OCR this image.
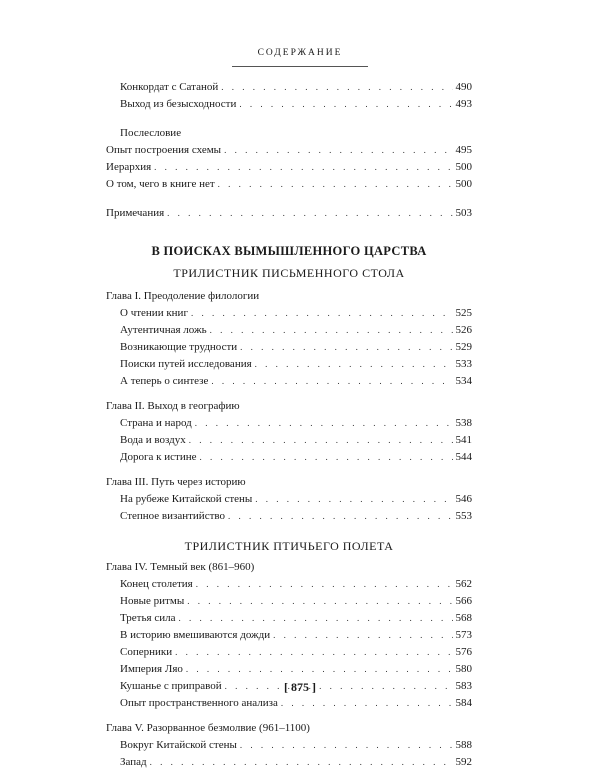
СОДЕРЖАНИЕ
Конкордат с Сатаной . . .	490
Выход из безысходности . . .	493
Послесловие
Опыт построения схемы . . .	495
Иерархия . . .	500
О том, чего в книге нет . . .	500
Примечания . . .	503
В ПОИСКАХ ВЫМЫШЛЕННОГО ЦАРСТВА
ТРИЛИСТНИК ПИСЬМЕННОГО СТОЛА
Глава I. Преодоление филологии
О чтении книг . . .	525
Аутентичная ложь . . .	526
Возникающие трудности . . .	529
Поиски путей исследования . . .	533
А теперь о синтезе . . .	534
Глава II. Выход в географию
Страна и народ . . .	538
Вода и воздух . . .	541
Дорога к истине . . .	544
Глава III. Путь через историю
На рубеже Китайской стены . . .	546
Степное византийство . . .	553
ТРИЛИСТНИК ПТИЧЬЕГО ПОЛЕТА
Глава IV. Темный век (861–960)
Конец столетия . . .	562
Новые ритмы . . .	566
Третья сила . . .	568
В историю вмешиваются дожди . . .	573
Соперники . . .	576
Империя Ляо . . .	580
Кушанье с приправой . . .	583
Опыт пространственного анализа . . .	584
Глава V. Разорванное безмолвие (961–1100)
Вокруг Китайской стены . . .	588
Запад . . .	592
[ 875 ]
